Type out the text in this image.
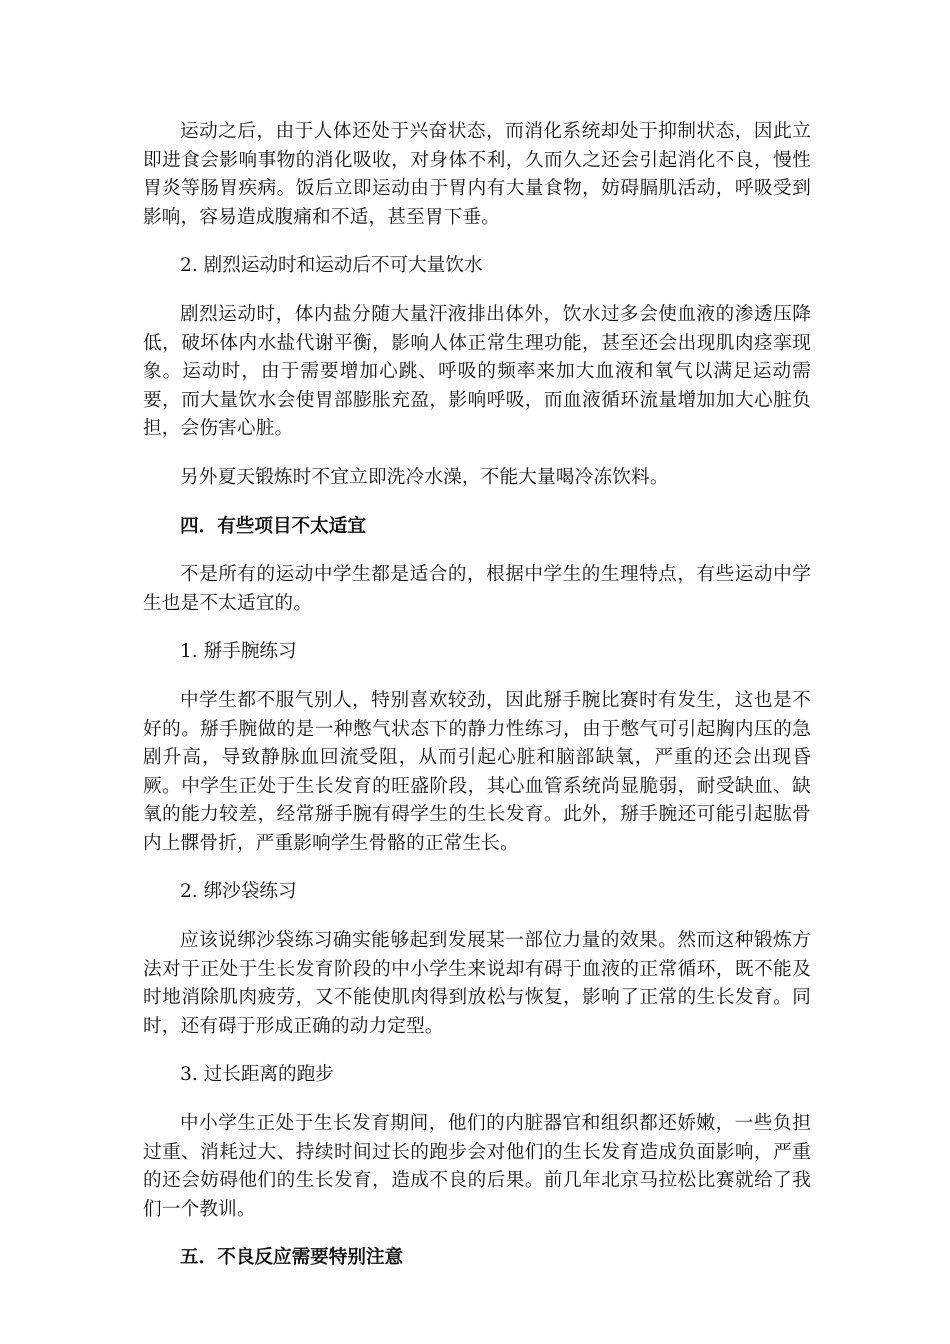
运动之后，由于人体还处于兴奋状态，而消化系统却处于抑制状态，因此立即进食会影响事物的消化吸收，对身体不利，久而久之还会引起消化不良，慢性胃炎等肠胃疾病。饭后立即运动由于胃内有大量食物，妨碍膈肌活动，呼吸受到影响，容易造成腹痛和不适，甚至胃下垂。

2. 剧烈运动时和运动后不可大量饮水

剧烈运动时，体内盐分随大量汗液排出体外，饮水过多会使血液的渗透压降低，破坏体内水盐代谢平衡，影响人体正常生理功能，甚至还会出现肌肉痉挛现象。运动时，由于需要增加心跳、呼吸的频率来加大血液和氧气以满足运动需要，而大量饮水会使胃部膨胀充盈，影响呼吸，而血液循环流量增加加大心脏负担，会伤害心脏。

另外夏天锻炼时不宜立即洗冷水澡，不能大量喝冷冻饮料。

四．有些项目不太适宜

不是所有的运动中学生都是适合的，根据中学生的生理特点，有些运动中学生也是不太适宜的。

1. 掰手腕练习

中学生都不服气别人，特别喜欢较劲，因此掰手腕比赛时有发生，这也是不好的。掰手腕做的是一种憋气状态下的静力性练习，由于憋气可引起胸内压的急剧升高，导致静脉血回流受阻，从而引起心脏和脑部缺氧，严重的还会出现昏厥。中学生正处于生长发育的旺盛阶段，其心血管系统尚显脆弱，耐受缺血、缺氧的能力较差，经常掰手腕有碍学生的生长发育。此外，掰手腕还可能引起肱骨内上髁骨折，严重影响学生骨骼的正常生长。

2. 绑沙袋练习

应该说绑沙袋练习确实能够起到发展某一部位力量的效果。然而这种锻炼方法对于正处于生长发育阶段的中小学生来说却有碍于血液的正常循环，既不能及时地消除肌肉疲劳，又不能使肌肉得到放松与恢复，影响了正常的生长发育。同时，还有碍于形成正确的动力定型。

3. 过长距离的跑步

中小学生正处于生长发育期间，他们的内脏器官和组织都还娇嫩，一些负担过重、消耗过大、持续时间过长的跑步会对他们的生长发育造成负面影响，严重的还会妨碍他们的生长发育，造成不良的后果。前几年北京马拉松比赛就给了我们一个教训。

五．不良反应需要特别注意
